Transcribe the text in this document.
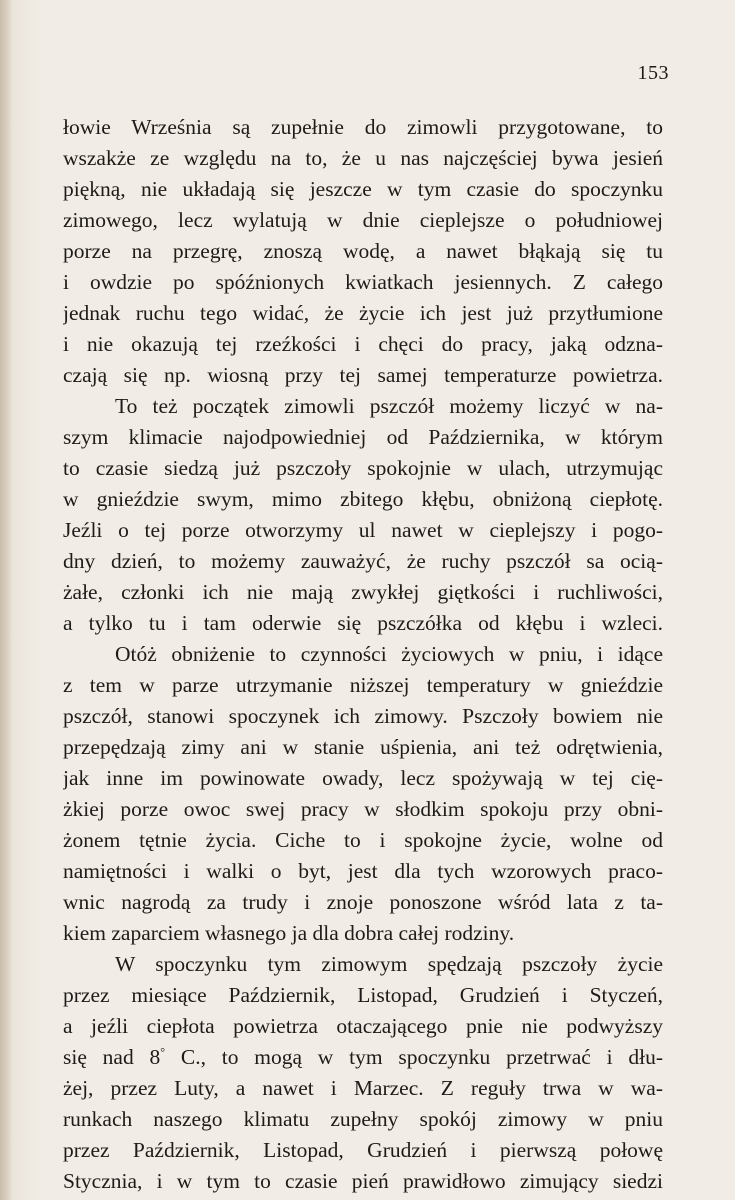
153
łowie Września są zupełnie do zimowli przygotowane, to
wszakże ze względu na to, że u nas najczęściej bywa jesień
piękną, nie układają się jeszcze w tym czasie do spoczynku
zimowego, lecz wylatują w dnie cieplejsze o południowej
porze na przegrę, znoszą wodę, a nawet błąkają się tu
i owdzie po spóźnionych kwiatkach jesiennych. Z całego
jednak ruchu tego widać, że życie ich jest już przytłumione
i nie okazują tej rzeźkości i chęci do pracy, jaką odzna-
czają się np. wiosną przy tej samej temperaturze powietrza.
To też początek zimowli pszczół możemy liczyć w na-
szym klimacie najodpowiedniej od Października, w którym
to czasie siedzą już pszczoły spokojnie w ulach, utrzymując
w gnieździe swym, mimo zbitego kłębu, obniżoną ciepłotę.
Jeźli o tej porze otworzymy ul nawet w cieplejszy i pogo-
dny dzień, to możemy zauważyć, że ruchy pszczół sa ocią-
żałe, członki ich nie mają zwykłej giętkości i ruchliwości,
a tylko tu i tam oderwie się pszczółka od kłębu i wzleci.
Otóż obniżenie to czynności życiowych w pniu, i idące
z tem w parze utrzymanie niższej temperatury w gnieździe
pszczół, stanowi spoczynek ich zimowy. Pszczoły bowiem nie
przepędzają zimy ani w stanie uśpienia, ani też odrętwienia,
jak inne im powinowate owady, lecz spożywają w tej cię-
żkiej porze owoc swej pracy w słodkim spokoju przy obni-
żonem tętnie życia. Ciche to i spokojne życie, wolne od
namiętności i walki o byt, jest dla tych wzorowych praco-
wnic nagrodą za trudy i znoje ponoszone wśród lata z ta-
kiem zaparciem własnego ja dla dobra całej rodziny.
W spoczynku tym zimowym spędzają pszczoły życie
przez miesiące Październik, Listopad, Grudzień i Styczeń,
a jeźli ciepłota powietrza otaczającego pnie nie podwyższy
się nad 8° C., to mogą w tym spoczynku przetrwać i dłu-
żej, przez Luty, a nawet i Marzec. Z reguły trwa w wa-
runkach naszego klimatu zupełny spokój zimowy w pniu
przez Październik, Listopad, Grudzień i pierwszą połowę
Stycznia, i w tym to czasie pień prawidłowo zimujący siedzi
